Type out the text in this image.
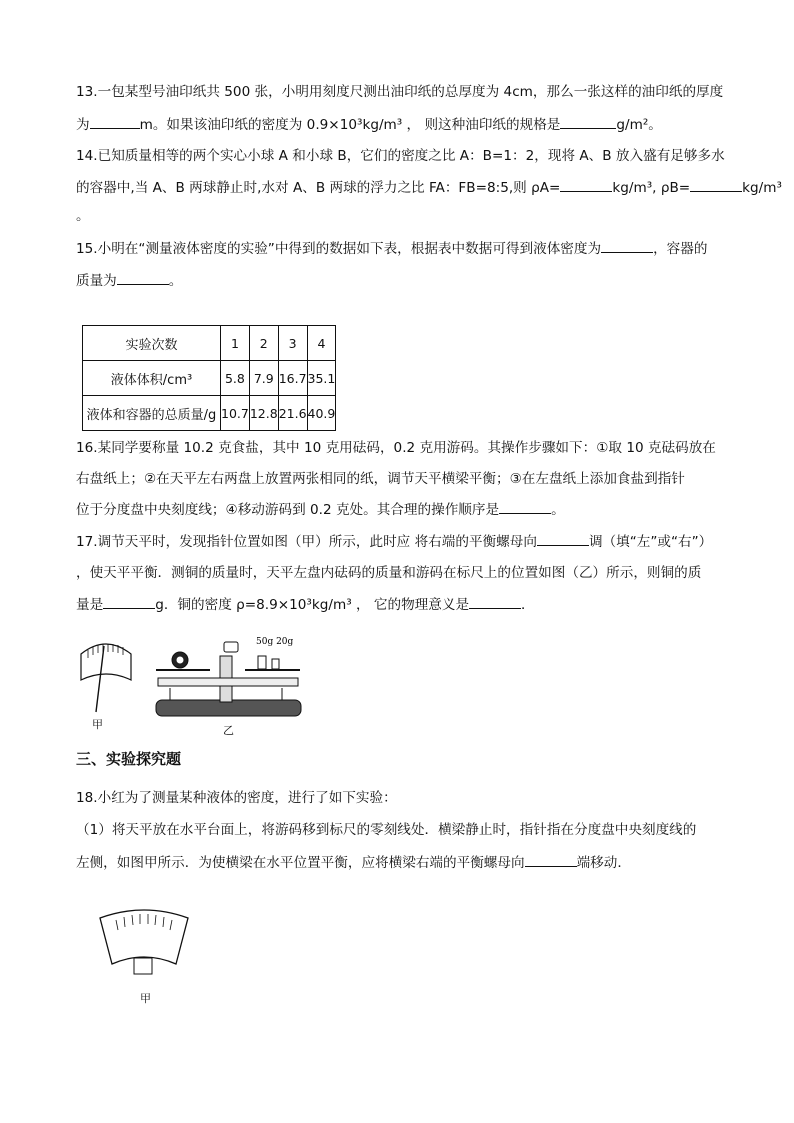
13.一包某型号油印纸共 500 张，小明用刻度尺测出油印纸的总厚度为 4cm，那么一张这样的油印纸的厚度
为	m。如果该油印纸的密度为 0.9×10³kg/m³ ， 则这种油印纸的规格是	g/m²。
14.已知质量相等的两个实心小球 A 和小球 B，它们的密度之比 A：B=1：2，现将 A、B 放入盛有足够多水
的容器中,当 A、B 两球静止时,水对 A、B 两球的浮力之比 FA：FB=8:5,则 ρA=	kg/m³, ρB=	kg/m³
。
15.小明在“测量液体密度的实验”中得到的数据如下表，根据表中数据可得到液体密度为	，容器的
质量为	。
实验次数	1	2	3	4
液体体积/cm³	5.8	7.9	16.7	35.1
液体和容器的总质量/g	10.7	12.8	21.6	40.9
16.某同学要称量 10.2 克食盐，其中 10 克用砝码，0.2 克用游码。其操作步骤如下：①取 10 克砝码放在
右盘纸上；②在天平左右两盘上放置两张相同的纸，调节天平横梁平衡；③在左盘纸上添加食盐到指针
位于分度盘中央刻度线；④移动游码到 0.2 克处。其合理的操作顺序是	。
17.调节天平时，发现指针位置如图（甲）所示，此时应 将右端的平衡螺母向	调（填“左”或“右”）
，使天平平衡．测铜的质量时，天平左盘内砝码的质量和游码在标尺上的位置如图（乙）所示，则铜的质
量是	g．铜的密度 ρ=8.9×10³kg/m³ ， 它的物理意义是	．
甲
50g 20g
乙
三、实验探究题
18.小红为了测量某种液体的密度，进行了如下实验：
（1）将天平放在水平台面上，将游码移到标尺的零刻线处．横梁静止时，指针指在分度盘中央刻度线的
左侧，如图甲所示．为使横梁在水平位置平衡，应将横梁右端的平衡螺母向	端移动．
甲
